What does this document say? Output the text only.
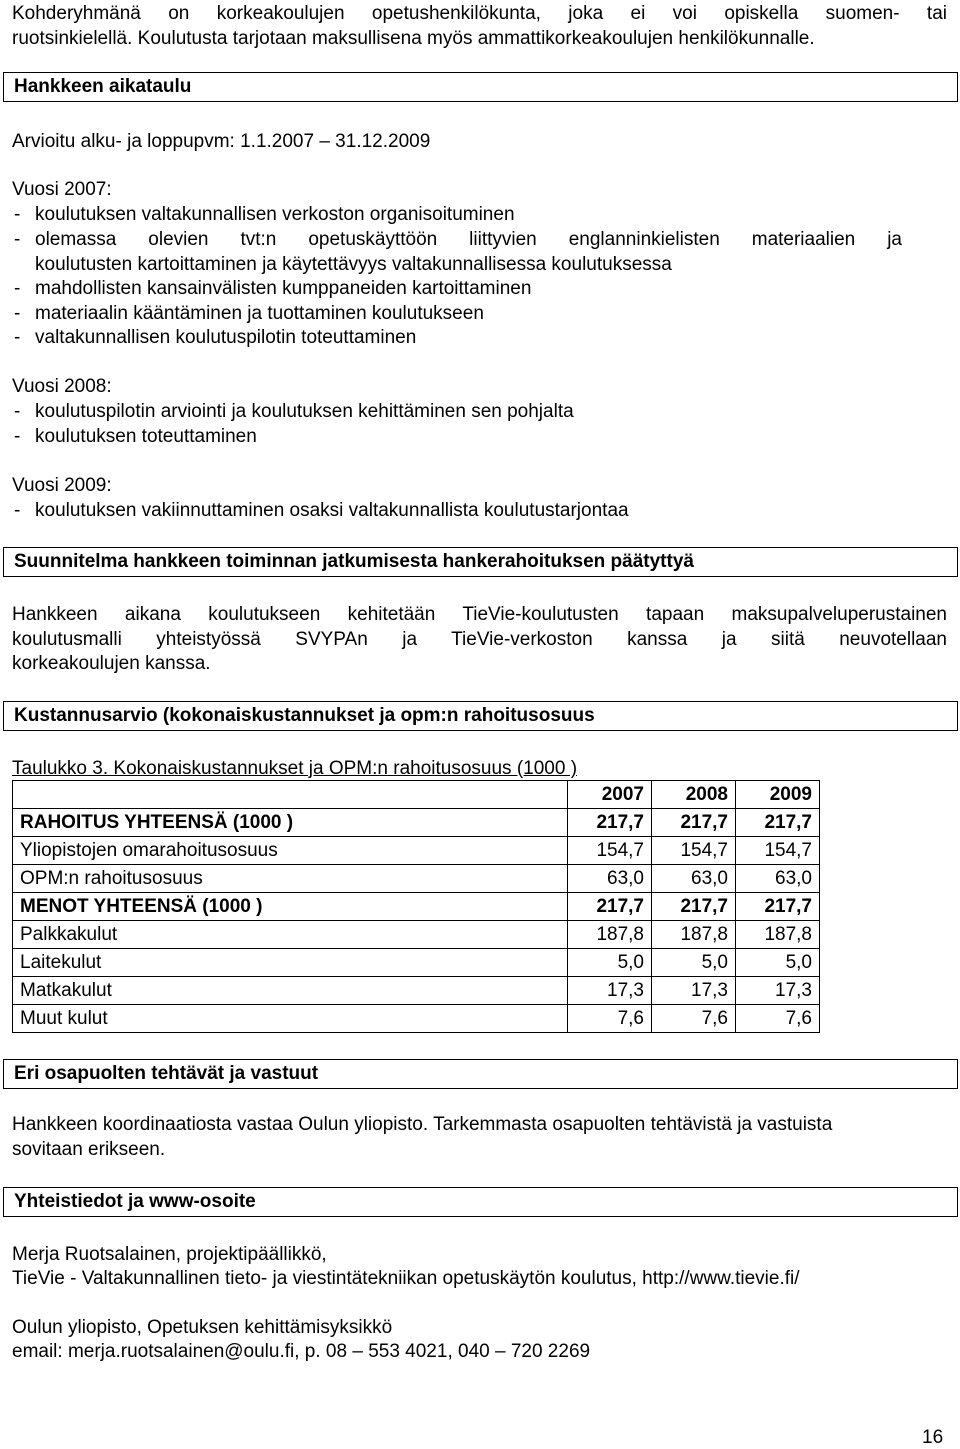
Kohderyhmänä on korkeakoulujen opetushenkilökunta, joka ei voi opiskella suomen- tai
ruotsinkielellä. Koulutusta tarjotaan maksullisena myös ammattikorkeakoulujen henkilökunnalle.
Hankkeen aikataulu
Arvioitu alku- ja loppupvm: 1.1.2007 – 31.12.2009
Vuosi 2007:
- koulutuksen valtakunnallisen verkoston organisoituminen
- olemassa olevien tvt:n opetuskäyttöön liittyvien englanninkielisten materiaalien ja
koulutusten kartoittaminen ja käytettävyys valtakunnallisessa koulutuksessa
- mahdollisten kansainvälisten kumppaneiden kartoittaminen
- materiaalin kääntäminen ja tuottaminen koulutukseen
- valtakunnallisen koulutuspilotin toteuttaminen
Vuosi 2008:
- koulutuspilotin arviointi ja koulutuksen kehittäminen sen pohjalta
- koulutuksen toteuttaminen
Vuosi 2009:
- koulutuksen vakiinnuttaminen osaksi valtakunnallista koulutustarjontaa
Suunnitelma hankkeen toiminnan jatkumisesta hankerahoituksen päätyttyä
Hankkeen aikana koulutukseen kehitetään TieVie-koulutusten tapaan maksupalveluperustainen
koulutusmalli yhteistyössä SVYPAn ja TieVie-verkoston kanssa ja siitä neuvotellaan
korkeakoulujen kanssa.
Kustannusarvio (kokonaiskustannukset ja opm:n rahoitusosuus
Taulukko 3. Kokonaiskustannukset ja OPM:n rahoitusosuus (1000 )
	2007	2008	2009
RAHOITUS YHTEENSÄ (1000 )	217,7	217,7	217,7
Yliopistojen omarahoitusosuus	154,7	154,7	154,7
OPM:n rahoitusosuus	63,0	63,0	63,0
MENOT YHTEENSÄ (1000 )	217,7	217,7	217,7
Palkkakulut	187,8	187,8	187,8
Laitekulut	5,0	5,0	5,0
Matkakulut	17,3	17,3	17,3
Muut kulut	7,6	7,6	7,6
Eri osapuolten tehtävät ja vastuut
Hankkeen koordinaatiosta vastaa Oulun yliopisto. Tarkemmasta osapuolten tehtävistä ja vastuista
sovitaan erikseen.
Yhteistiedot ja www-osoite
Merja Ruotsalainen, projektipäällikkö,
TieVie - Valtakunnallinen tieto- ja viestintätekniikan opetuskäytön koulutus, http://www.tievie.fi/
Oulun yliopisto, Opetuksen kehittämisyksikkö
email: merja.ruotsalainen@oulu.fi, p. 08 – 553 4021, 040 – 720 2269
16
